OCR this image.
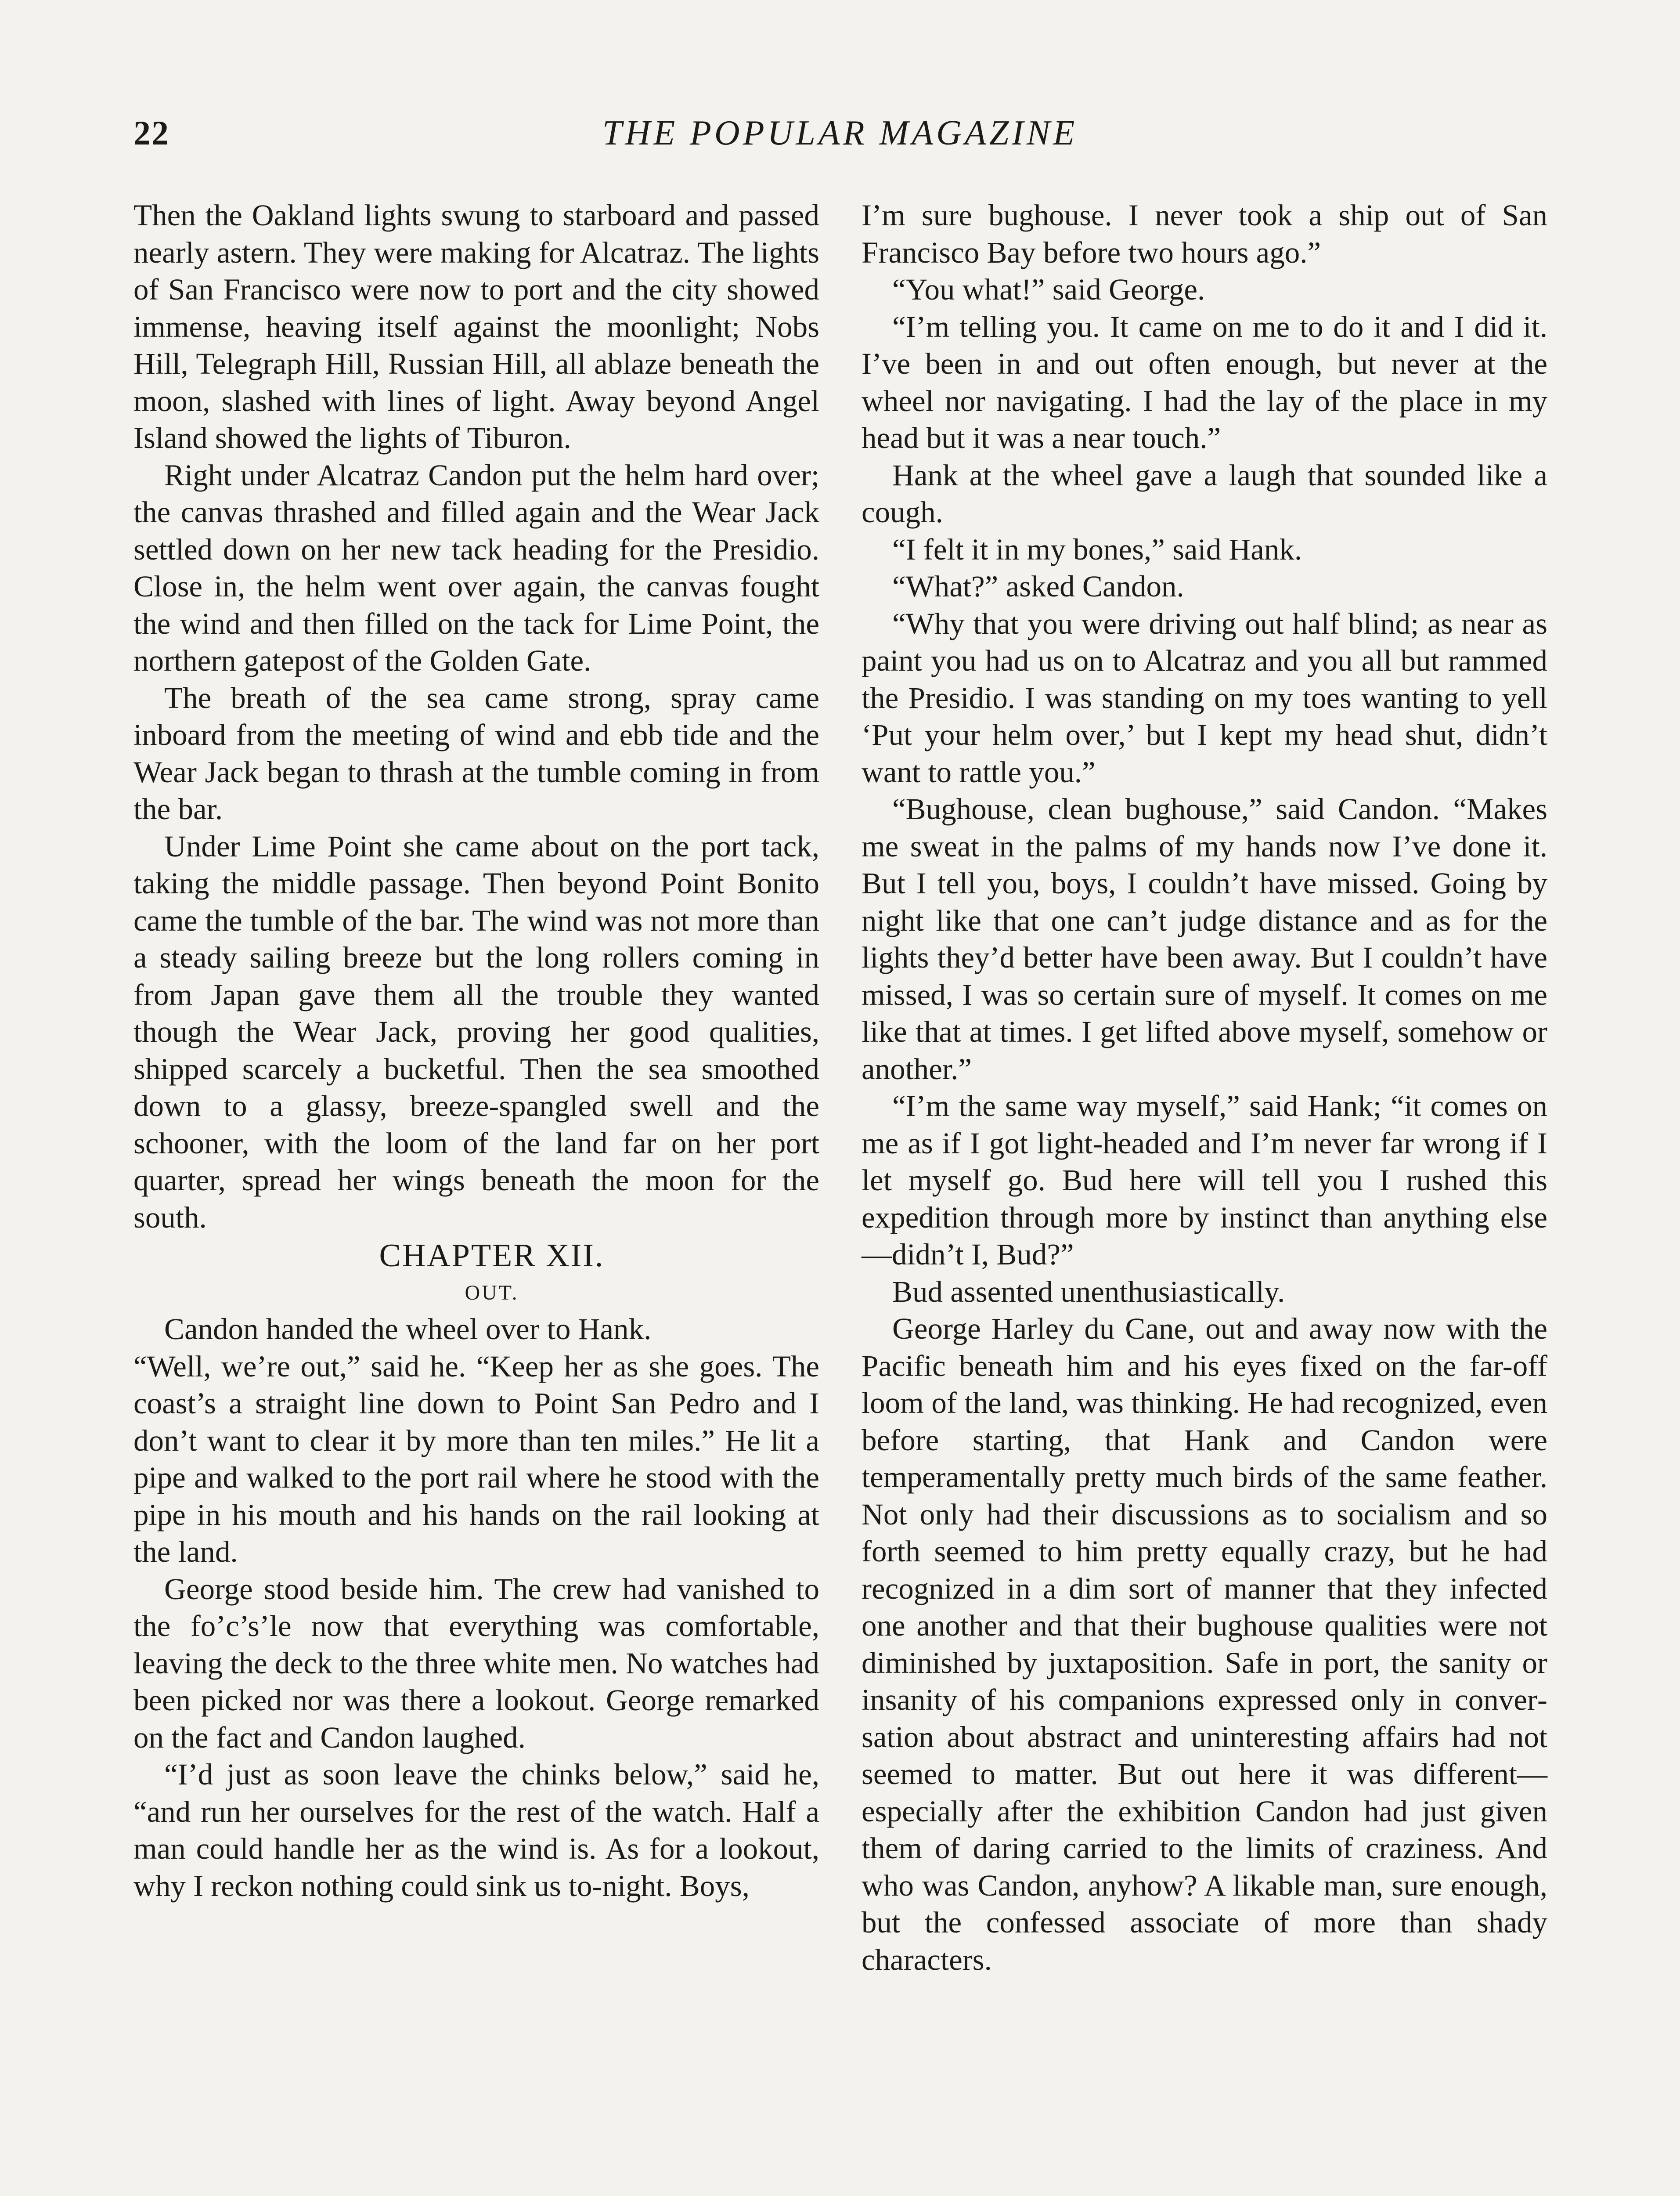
22	THE POPULAR MAGAZINE

Then the Oakland lights swung to starboard and passed nearly astern. They were making for Alcatraz. The lights of San Francisco were now to port and the city showed immense, heaving itself against the moonlight; Nobs Hill, Telegraph Hill, Russian Hill, all ablaze beneath the moon, slashed with lines of light. Away beyond Angel Island showed the lights of Tiburon.

Right under Alcatraz Candon put the helm hard over; the canvas thrashed and filled again and the Wear Jack settled down on her new tack heading for the Presidio. Close in, the helm went over again, the canvas fought the wind and then filled on the tack for Lime Point, the northern gatepost of the Golden Gate.

The breath of the sea came strong, spray came inboard from the meeting of wind and ebb tide and the Wear Jack began to thrash at the tumble coming in from the bar.

Under Lime Point she came about on the port tack, taking the middle passage. Then beyond Point Bonito came the tumble of the bar. The wind was not more than a steady sailing breeze but the long rollers coming in from Japan gave them all the trouble they wanted though the Wear Jack, proving her good qualities, shipped scarcely a bucketful. Then the sea smoothed down to a glassy, breeze-spangled swell and the schooner, with the loom of the land far on her port quarter, spread her wings beneath the moon for the south.

CHAPTER XII.

OUT.

Candon handed the wheel over to Hank.

“Well, we’re out,” said he. “Keep her as she goes. The coast’s a straight line down to Point San Pedro and I don’t want to clear it by more than ten miles.” He lit a pipe and walked to the port rail where he stood with the pipe in his mouth and his hands on the rail looking at the land.

George stood beside him. The crew had vanished to the fo’c’s’le now that everything was comfortable, leaving the deck to the three white men. No watches had been picked nor was there a lookout. George remarked on the fact and Candon laughed.

“I’d just as soon leave the chinks below,” said he, “and run her ourselves for the rest of the watch. Half a man could handle her as the wind is. As for a lookout, why I reckon nothing could sink us to-night. Boys,

I’m sure bughouse. I never took a ship out of San Francisco Bay before two hours ago.”

“You what!” said George.

“I’m telling you. It came on me to do it and I did it. I’ve been in and out often enough, but never at the wheel nor navigating. I had the lay of the place in my head but it was a near touch.”

Hank at the wheel gave a laugh that sounded like a cough.

“I felt it in my bones,” said Hank.

“What?” asked Candon.

“Why that you were driving out half blind; as near as paint you had us on to Alcatraz and you all but rammed the Presidio. I was standing on my toes wanting to yell ‘Put your helm over,’ but I kept my head shut, didn’t want to rattle you.”

“Bughouse, clean bughouse,” said Candon. “Makes me sweat in the palms of my hands now I’ve done it. But I tell you, boys, I couldn’t have missed. Going by night like that one can’t judge distance and as for the lights they’d better have been away. But I couldn’t have missed, I was so certain sure of myself. It comes on me like that at times. I get lifted above myself, somehow or another.”

“I’m the same way myself,” said Hank; “it comes on me as if I got light-headed and I’m never far wrong if I let myself go. Bud here will tell you I rushed this expedition through more by instinct than anything else —didn’t I, Bud?”

Bud assented unenthusiastically.

George Harley du Cane, out and away now with the Pacific beneath him and his eyes fixed on the far-off loom of the land, was thinking. He had recognized, even before starting, that Hank and Candon were temperamentally pretty much birds of the same feather. Not only had their discussions as to socialism and so forth seemed to him pretty equally crazy, but he had recognized in a dim sort of manner that they infected one another and that their bughouse qualities were not diminished by juxtaposition. Safe in port, the sanity or insanity of his companions expressed only in conversation about abstract and uninteresting affairs had not seemed to matter. But out here it was different—especially after the exhibition Candon had just given them of daring carried to the limits of craziness. And who was Candon, anyhow? A likable man, sure enough, but the confessed associate of more than shady characters.
